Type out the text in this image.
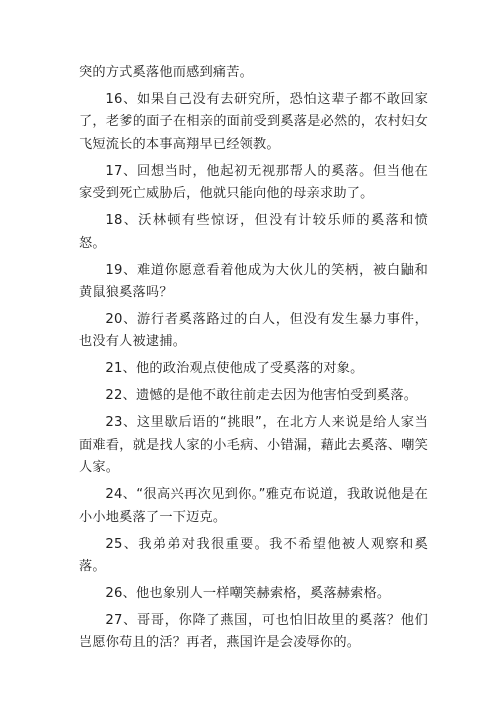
突的方式奚落他而感到痛苦。

16、如果自己没有去研究所，恐怕这辈子都不敢回家了，老爹的面子在相亲的面前受到奚落是必然的，农村妇女飞短流长的本事高翔早已经领教。

17、回想当时，他起初无视那帮人的奚落。但当他在家受到死亡威胁后，他就只能向他的母亲求助了。

18、沃林顿有些惊讶，但没有计较乐师的奚落和愤怒。

19、难道你愿意看着他成为大伙儿的笑柄，被白鼬和黄鼠狼奚落吗？

20、游行者奚落路过的白人，但没有发生暴力事件，也没有人被逮捕。

21、他的政治观点使他成了受奚落的对象。

22、遗憾的是他不敢往前走去因为他害怕受到奚落。

23、这里歇后语的“挑眼”，在北方人来说是给人家当面难看，就是找人家的小毛病、小错漏，藉此去奚落、嘲笑人家。

24、“很高兴再次见到你。”雅克布说道，我敢说他是在小小地奚落了一下迈克。

25、我弟弟对我很重要。我不希望他被人观察和奚落。

26、他也象别人一样嘲笑赫索格，奚落赫索格。

27、哥哥，你降了燕国，可也怕旧故里的奚落？他们岂愿你苟且的活？再者，燕国许是会凌辱你的。
